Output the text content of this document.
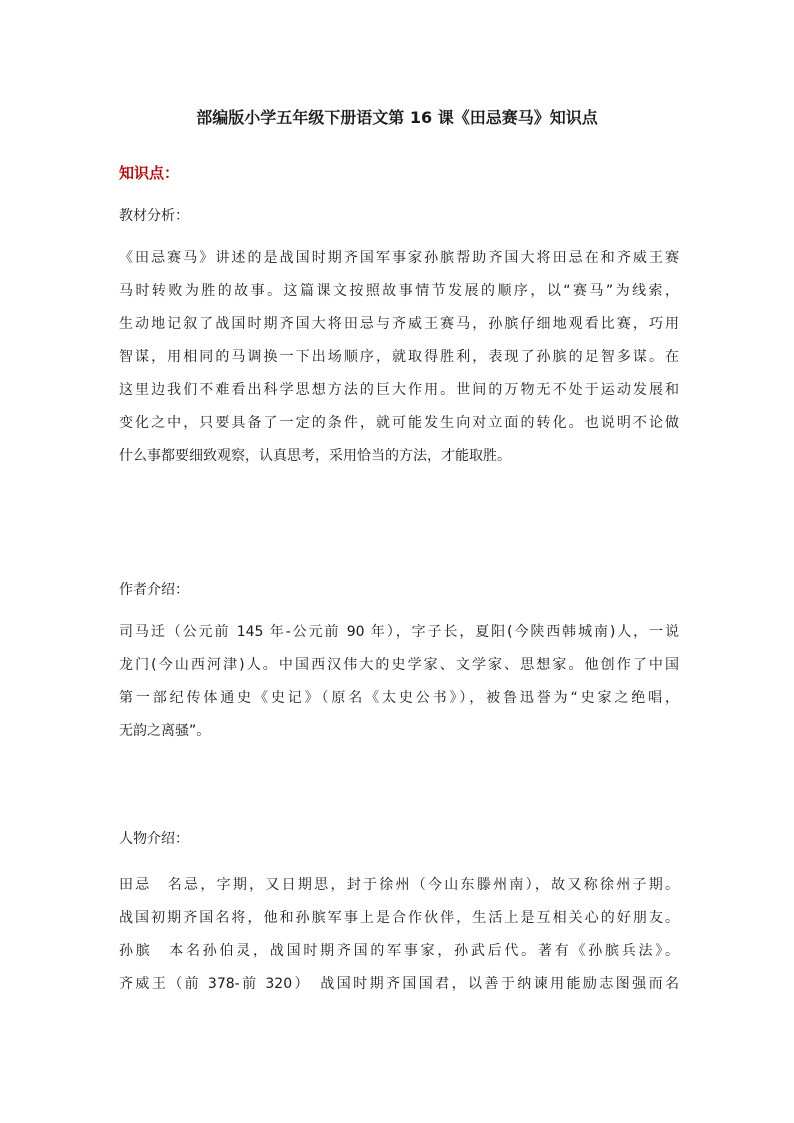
部编版小学五年级下册语文第 16 课《田忌赛马》知识点
知识点：
教材分析：
《田忌赛马》讲述的是战国时期齐国军事家孙膑帮助齐国大将田忌在和齐威王赛
马时转败为胜的故事。这篇课文按照故事情节发展的顺序，以“赛马”为线索，
生动地记叙了战国时期齐国大将田忌与齐威王赛马，孙膑仔细地观看比赛，巧用
智谋，用相同的马调换一下出场顺序，就取得胜利，表现了孙膑的足智多谋。在
这里边我们不难看出科学思想方法的巨大作用。世间的万物无不处于运动发展和
变化之中，只要具备了一定的条件，就可能发生向对立面的转化。也说明不论做
什么事都要细致观察，认真思考，采用恰当的方法，才能取胜。
作者介绍：
司马迁（公元前 145 年-公元前 90 年），字子长，夏阳(今陕西韩城南)人，一说
龙门(今山西河津)人。中国西汉伟大的史学家、文学家、思想家。他创作了中国
第一部纪传体通史《史记》（原名《太史公书》），被鲁迅誉为“史家之绝唱，
无韵之离骚”。
人物介绍：
田忌　名忌，字期，又日期思，封于徐州（今山东滕州南），故又称徐州子期。
战国初期齐国名将，他和孙膑军事上是合作伙伴，生活上是互相关心的好朋友。
孙膑　本名孙伯灵，战国时期齐国的军事家，孙武后代。著有《孙膑兵法》。
齐威王（前 378-前 320）　战国时期齐国国君，以善于纳谏用能励志图强而名
